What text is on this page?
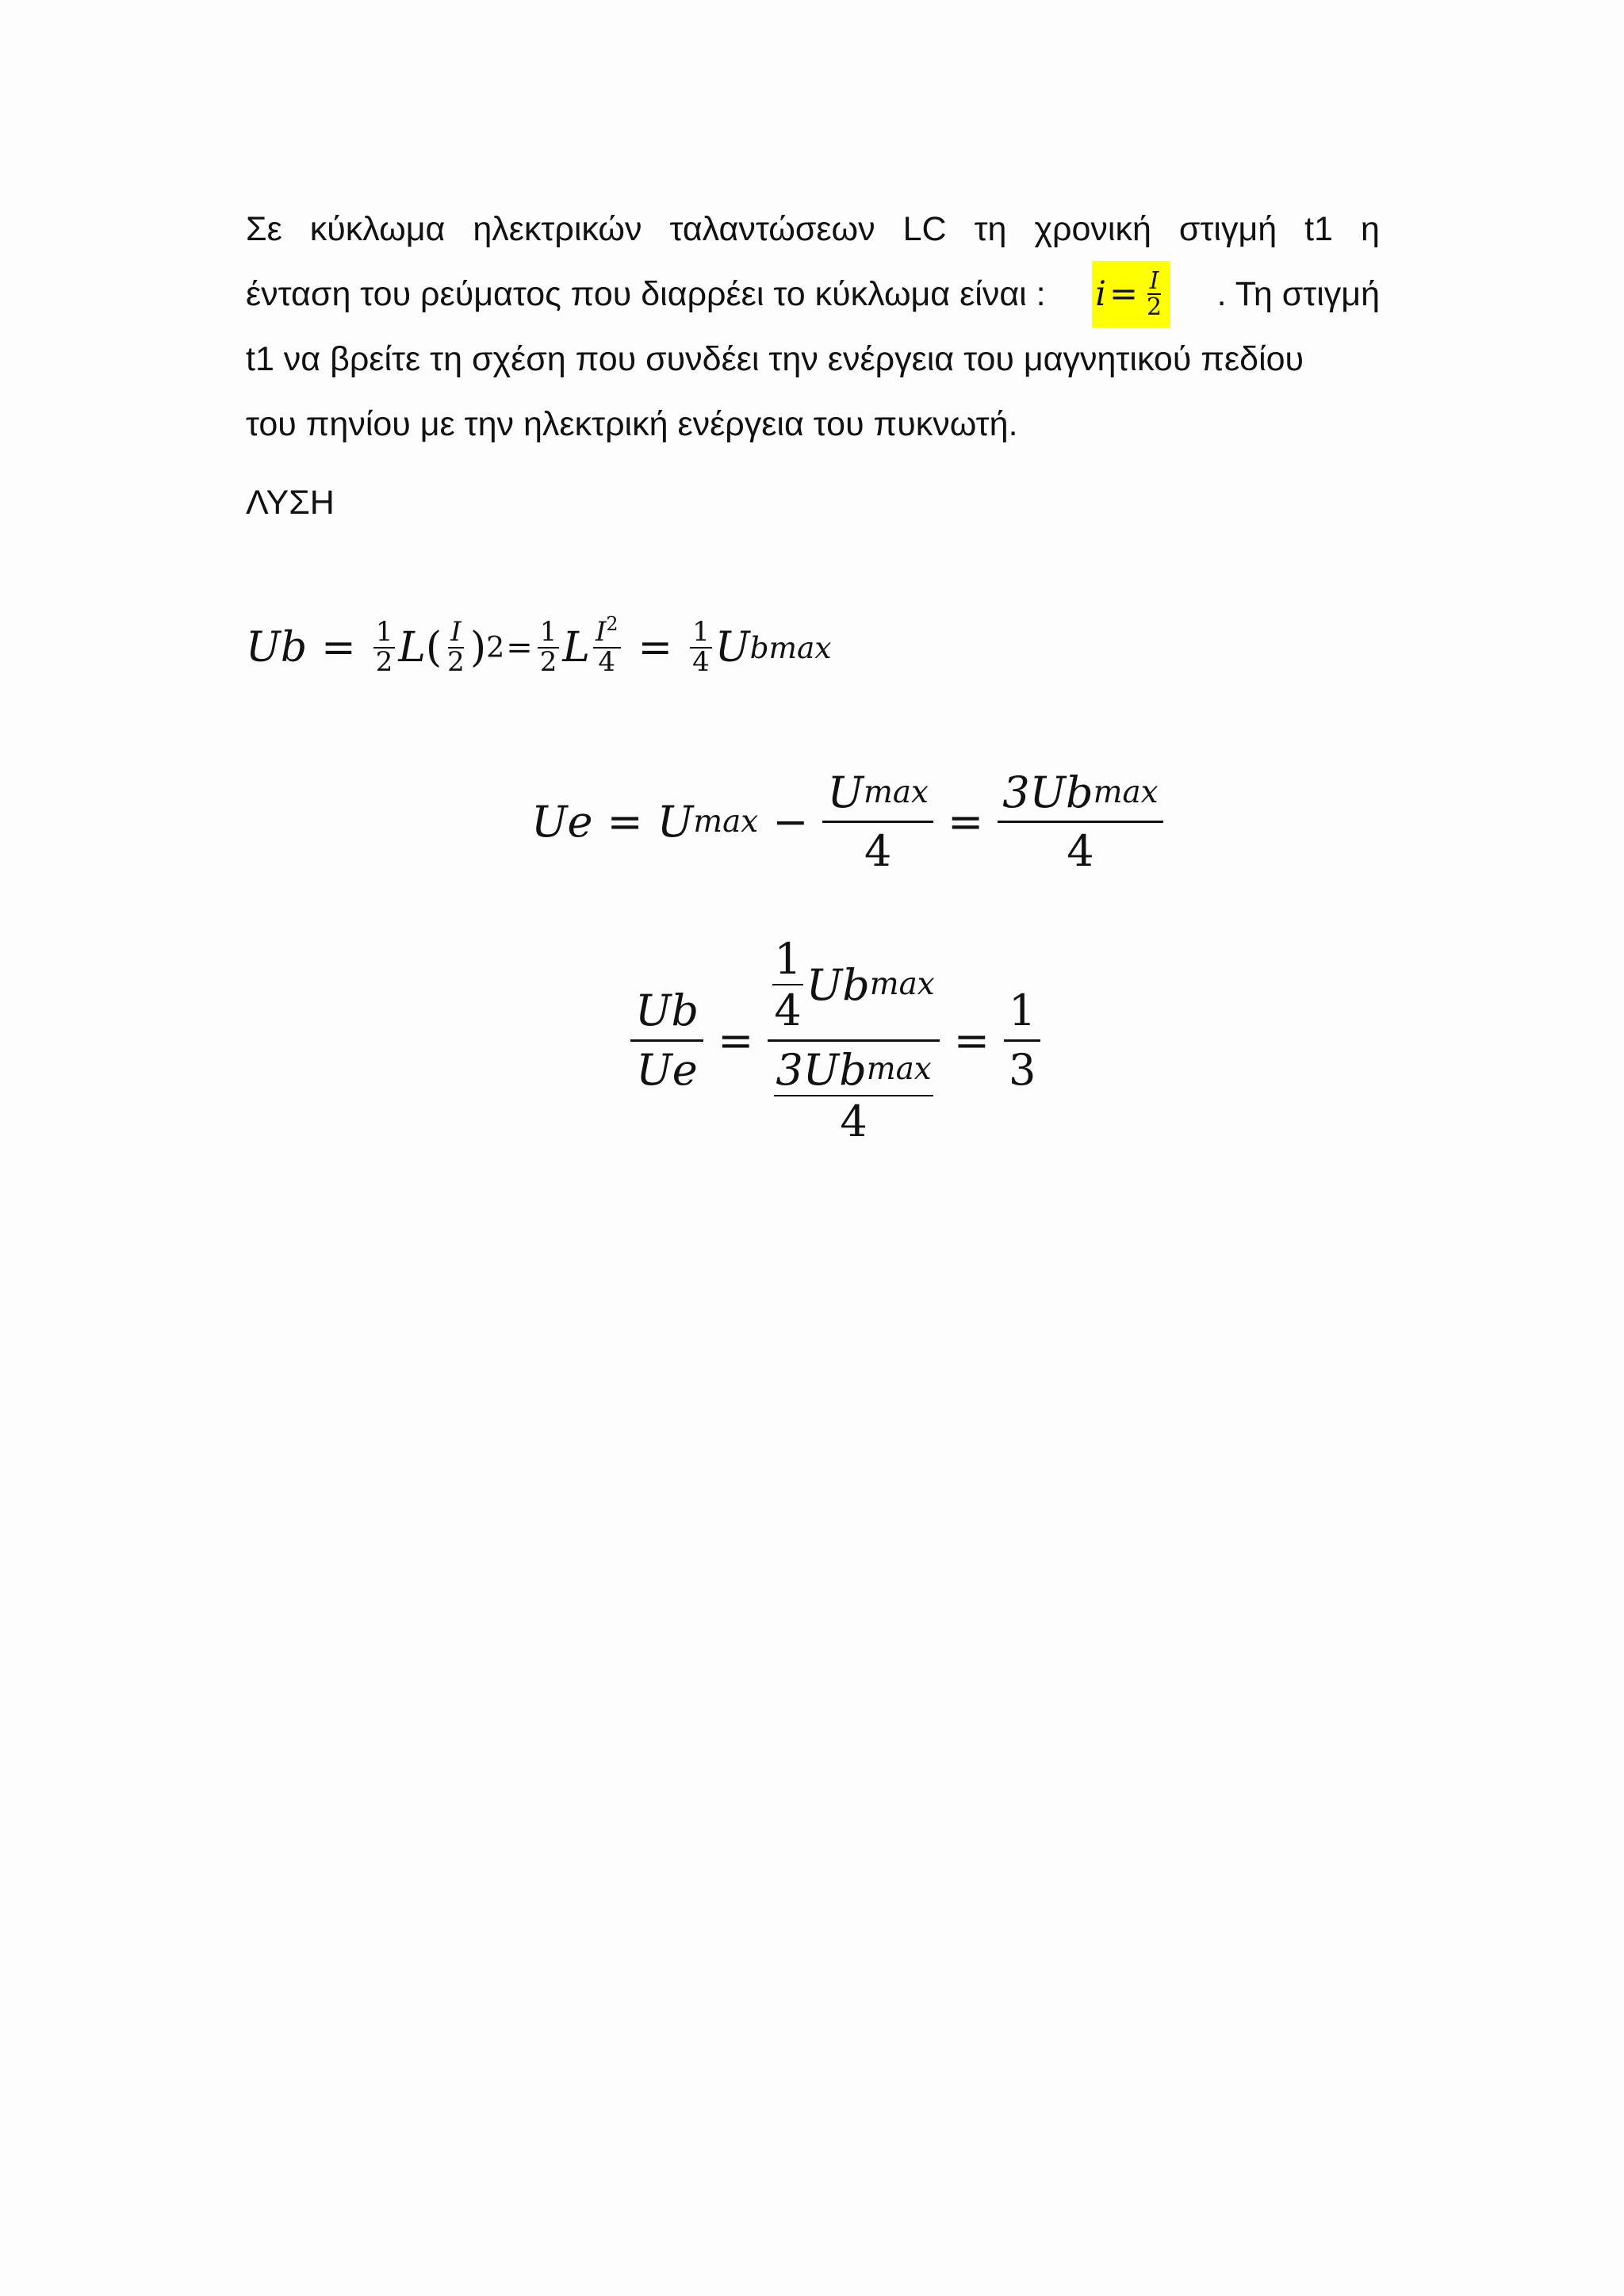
Σε κύκλωμα ηλεκτρικών ταλαντώσεων LC τη χρονική στιγμή t1 η
ένταση του ρεύματος που διαρρέει το κύκλωμα είναι : $i = \frac{I}{2}$ . Τη στιγμή
t1 να βρείτε τη σχέση που συνδέει την ενέργεια του μαγνητικού πεδίου
του πηνίου με την ηλεκτρική ενέργεια του πυκνωτή.
ΛΥΣΗ
$Ub = \frac{1}{2}$ L ( $\frac{I}{2}$ ) $2 = \frac{1}{2}$ L $\frac{I^2}{4} = \frac{1}{4}$ U bmax
Ue = U $\max - \frac{\text{U max}}{4} = \frac{\text{3Ub max}}{4}$
$\frac{Ub}{Ue} = \frac{\frac{1}{4} Ub \max}{\frac{\text{3Ub max}}{4}} = \frac{1}{3}$
